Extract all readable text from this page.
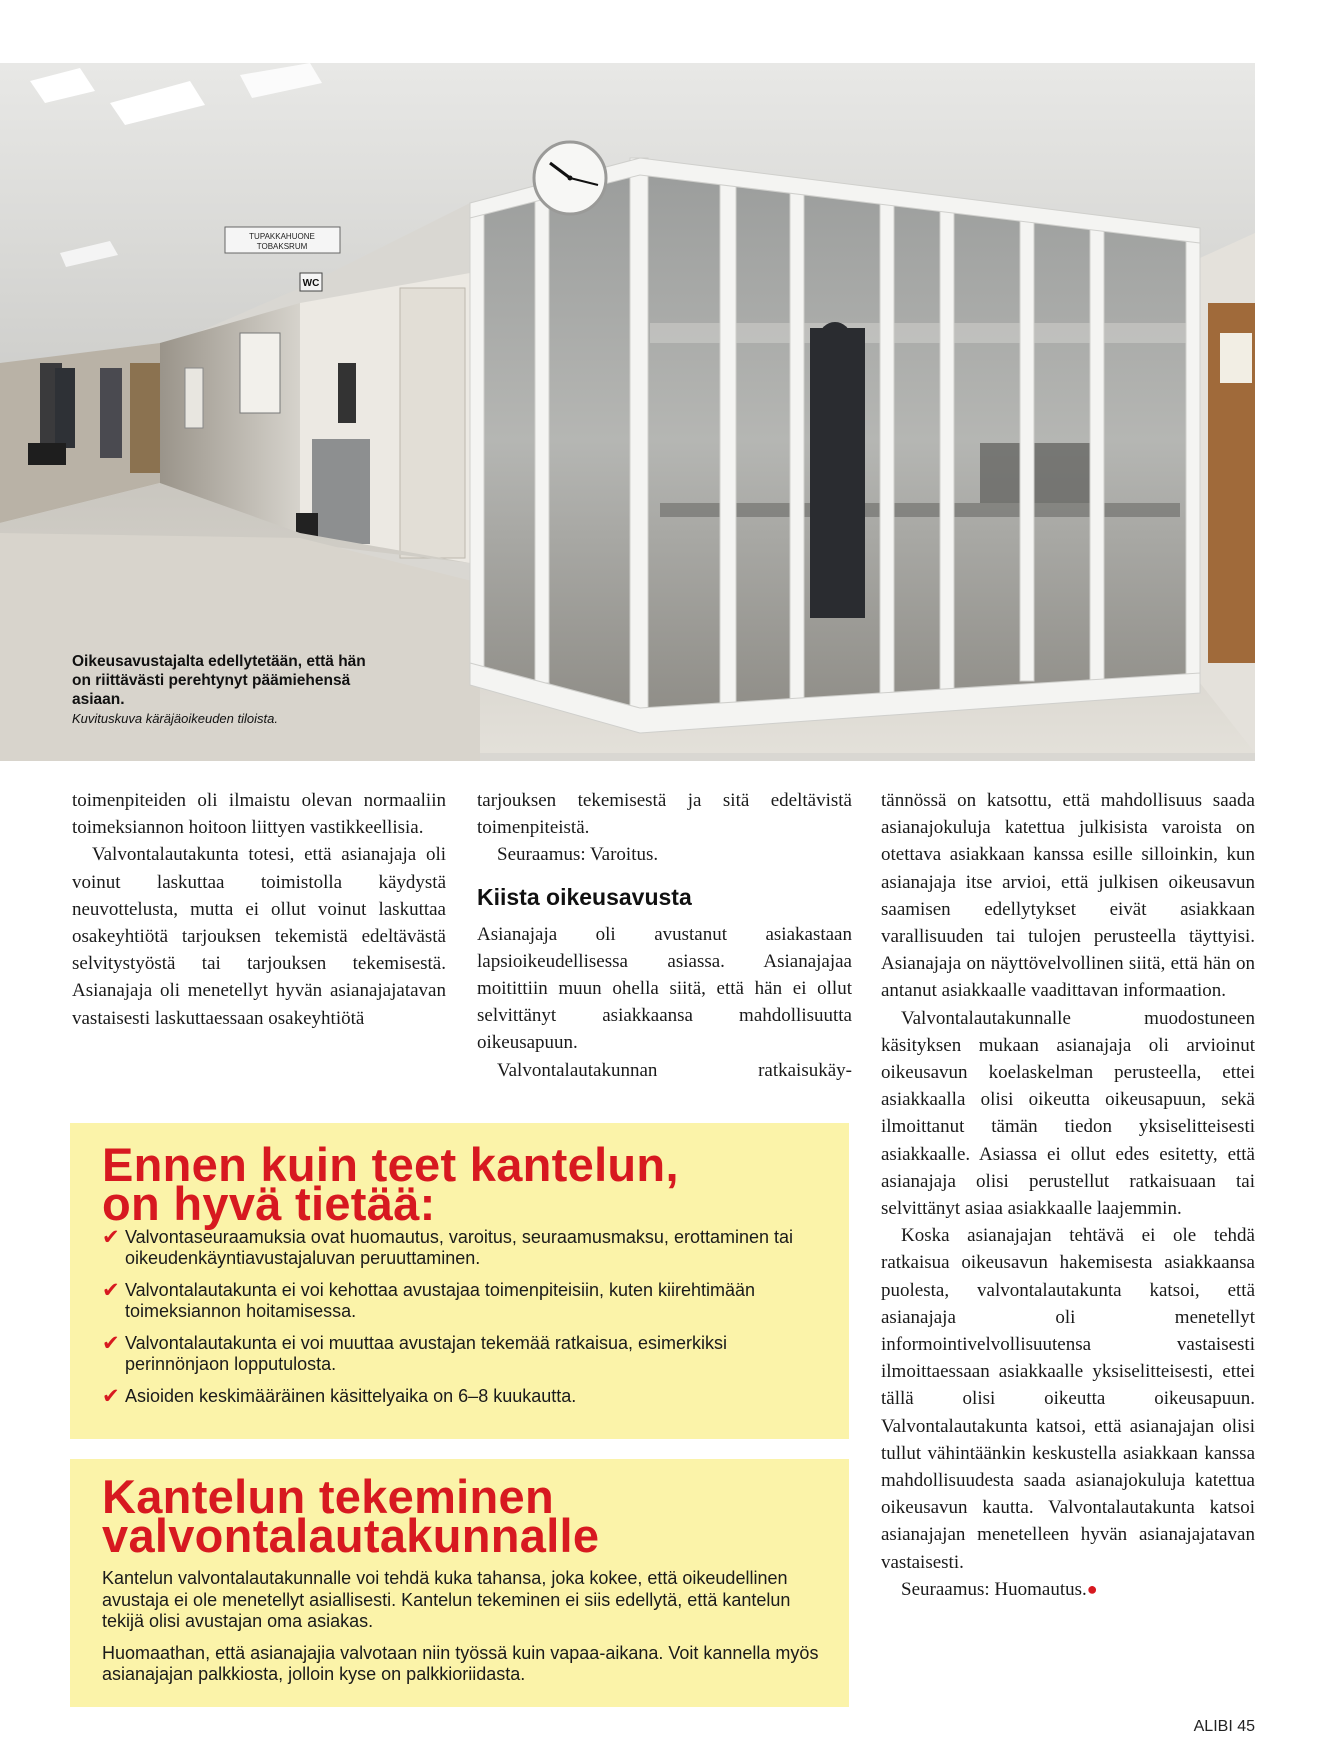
TUPAKKAHUONE
TOBAKSRUM
WC
Oikeusavustajalta edellytetään, että hän on riittävästi perehtynyt päämiehensä asiaan.
Kuvituskuva käräjäoikeuden tiloista.

toimenpiteiden oli ilmaistu olevan normaaliin toimeksiannon hoitoon liittyen vastikkeellisia.

Valvontalautakunta totesi, että asianajaja oli voinut laskuttaa toimistolla käydystä neuvottelusta, mutta ei ollut voinut laskuttaa osakeyhtiötä tarjouksen tekemistä edeltävästä selvitystyöstä tai tarjouksen tekemisestä. Asianajaja oli menetellyt hyvän asianajajatavan vastaisesti laskuttaessaan osakeyhtiötä

tarjouksen tekemisestä ja sitä edeltävistä toimenpiteistä.

Seuraamus: Varoitus.

Kiista oikeusavusta

Asianajaja oli avustanut asiakastaan lapsioikeudellisessa asiassa. Asianajajaa moitittiin muun ohella siitä, että hän ei ollut selvittänyt asiakkaansa mahdollisuutta oikeusapuun.

Valvontalautakunnan ratkaisukäy-

tännössä on katsottu, että mahdollisuus saada asianajokuluja katettua julkisista varoista on otettava asiakkaan kanssa esille silloinkin, kun asianajaja itse arvioi, että julkisen oikeusavun saamisen edellytykset eivät asiakkaan varallisuuden tai tulojen perusteella täyttyisi. Asianajaja on näyttövelvollinen siitä, että hän on antanut asiakkaalle vaadittavan informaation.

Valvontalautakunnalle muodostuneen käsityksen mukaan asianajaja oli arvioinut oikeusavun koelaskelman perusteella, ettei asiakkaalla olisi oikeutta oikeusapuun, sekä ilmoittanut tämän tiedon yksiselitteisesti asiakkaalle. Asiassa ei ollut edes esitetty, että asianajaja olisi perustellut ratkaisuaan tai selvittänyt asiaa asiakkaalle laajemmin.

Koska asianajajan tehtävä ei ole tehdä ratkaisua oikeusavun hakemisesta asiakkaansa puolesta, valvontalautakunta katsoi, että asianajaja oli menetellyt informointivelvollisuutensa vastaisesti ilmoittaessaan asiakkaalle yksiselitteisesti, ettei tällä olisi oikeutta oikeusapuun. Valvontalautakunta katsoi, että asianajajan olisi tullut vähintäänkin keskustella asiakkaan kanssa mahdollisuudesta saada asianajokuluja katettua oikeusavun kautta. Valvontalautakunta katsoi asianajajan menetelleen hyvän asianajajatavan vastaisesti.

Seuraamus: Huomautus.●

Ennen kuin teet kantelun,
on hyvä tietää:
✔ Valvontaseuraamuksia ovat huomautus, varoitus, seuraamusmaksu, erottaminen tai oikeudenkäyntiavustajaluvan peruuttaminen.
✔ Valvontalautakunta ei voi kehottaa avustajaa toimenpiteisiin, kuten kiirehtimään toimeksiannon hoitamisessa.
✔ Valvontalautakunta ei voi muuttaa avustajan tekemää ratkaisua, esimerkiksi perinnönjaon lopputulosta.
✔ Asioiden keskimääräinen käsittelyaika on 6–8 kuukautta.
Kantelun tekeminen
valvontalautakunnalle

Kantelun valvontalautakunnalle voi tehdä kuka tahansa, joka kokee, että oikeudellinen avustaja ei ole menetellyt asiallisesti. Kantelun tekeminen ei siis edellytä, että kantelun tekijä olisi avustajan oma asiakas.

Huomaathan, että asianajajia valvotaan niin työssä kuin vapaa-aikana. Voit kannella myös asianajajan palkkiosta, jolloin kyse on palkkioriidasta.

ALIBI 45
